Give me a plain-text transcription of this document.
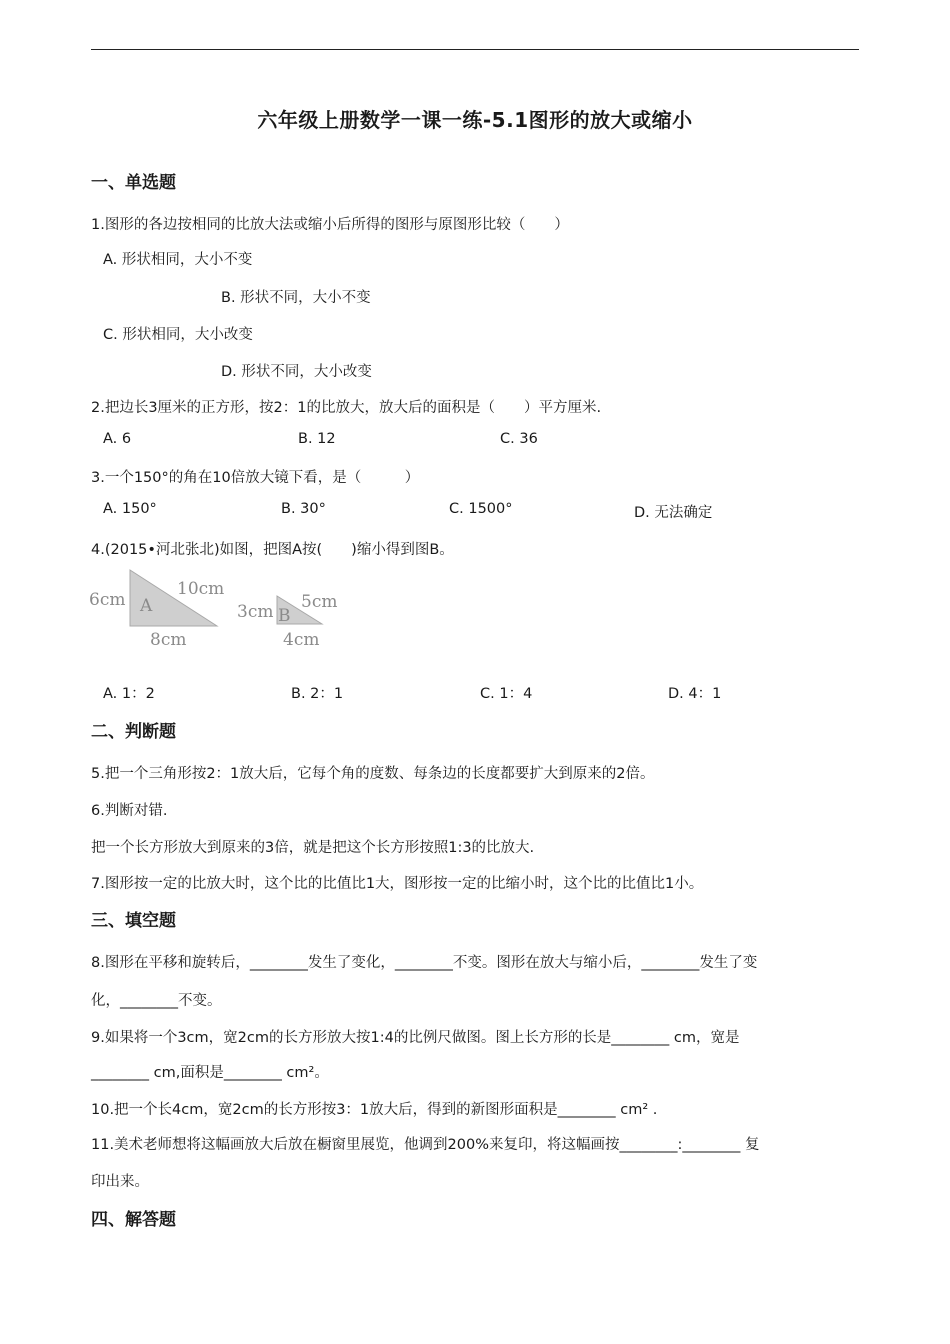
六年级上册数学一课一练-5.1图形的放大或缩小
一、单选题
1.图形的各边按相同的比放大法或缩小后所得的图形与原图形比较（　　）
A. 形状相同，大小不变
B. 形状不同，大小不变
C. 形状相同，大小改变
D. 形状不同，大小改变
2.把边长3厘米的正方形，按2：1的比放大，放大后的面积是（　　）平方厘米.
A. 6	B. 12	C. 36
3.一个150°的角在10倍放大镜下看，是（　　　）
A. 150°	B. 30°	C. 1500°	D. 无法确定
4.(2015•河北张北)如图，把图A按(　　)缩小得到图B。
6cm A
10cm
8cm
3cm B
5cm
4cm
A. 1：2	B. 2：1	C. 1：4	D. 4：1
二、判断题
5.把一个三角形按2：1放大后，它每个角的度数、每条边的长度都要扩大到原来的2倍。
6.判断对错.
把一个长方形放大到原来的3倍，就是把这个长方形按照1:3的比放大.
7.图形按一定的比放大时，这个比的比值比1大，图形按一定的比缩小时，这个比的比值比1小。
三、填空题
8.图形在平移和旋转后，________发生了变化，________不变。图形在放大与缩小后，________发生了变
化，________不变。
9.如果将一个3cm，宽2cm的长方形放大按1:4的比例尺做图。图上长方形的长是________ cm，宽是
________ cm,面积是________ cm²。
10.把一个长4cm，宽2cm的长方形按3：1放大后，得到的新图形面积是________ cm² .
11.美术老师想将这幅画放大后放在橱窗里展览，他调到200%来复印，将这幅画按________:________ 复
印出来。
四、解答题
